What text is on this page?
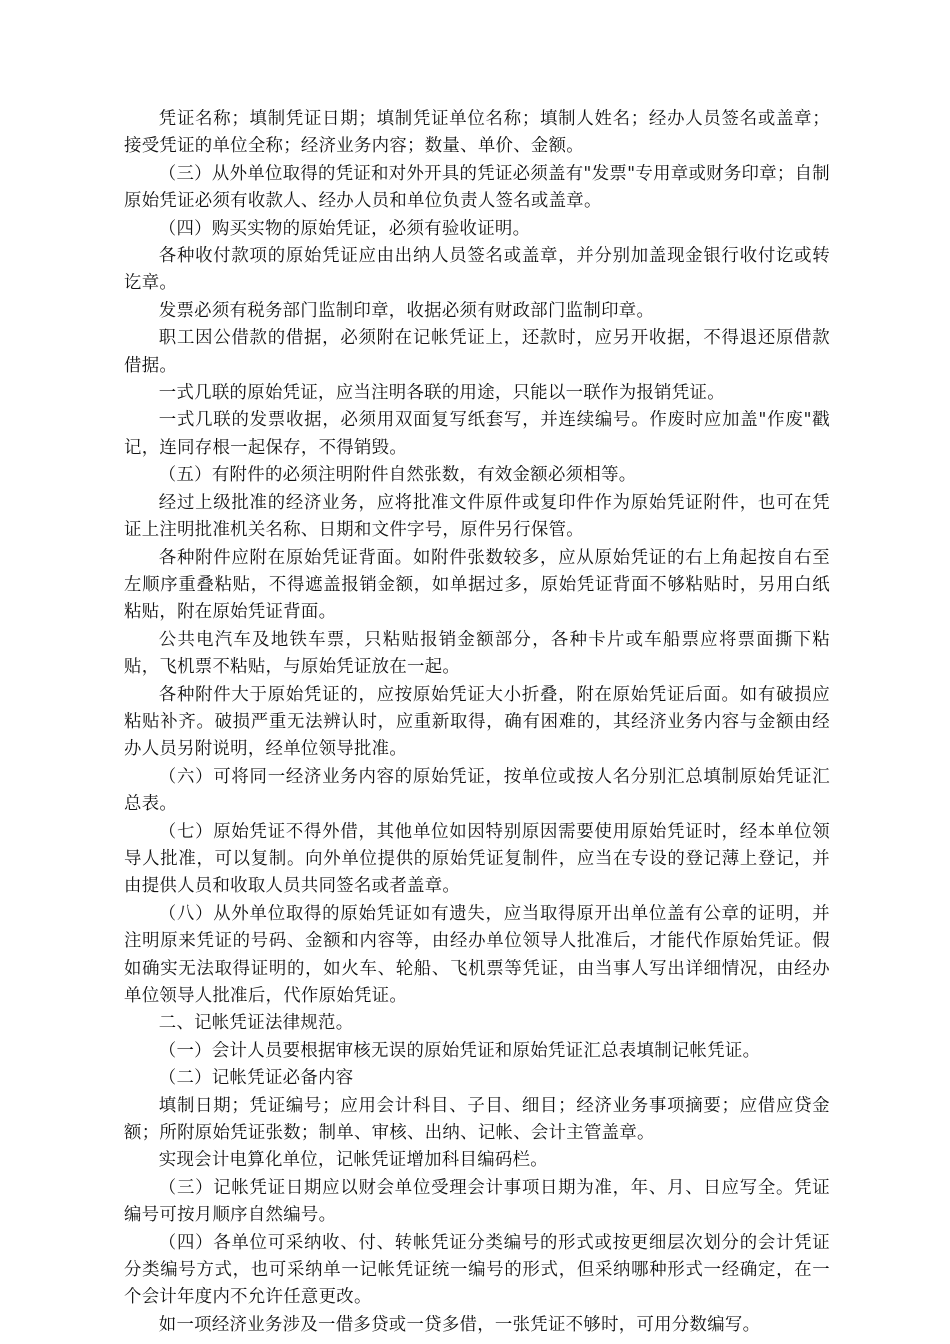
凭证名称；填制凭证日期；填制凭证单位名称；填制人姓名；经办人员签名或盖章；接受凭证的单位全称；经济业务内容；数量、单价、金额。

（三）从外单位取得的凭证和对外开具的凭证必须盖有"发票"专用章或财务印章；自制原始凭证必须有收款人、经办人员和单位负责人签名或盖章。

（四）购买实物的原始凭证，必须有验收证明。

各种收付款项的原始凭证应由出纳人员签名或盖章，并分别加盖现金银行收付讫或转讫章。

发票必须有税务部门监制印章，收据必须有财政部门监制印章。

职工因公借款的借据，必须附在记帐凭证上，还款时，应另开收据，不得退还原借款借据。

一式几联的原始凭证，应当注明各联的用途，只能以一联作为报销凭证。

一式几联的发票收据，必须用双面复写纸套写，并连续编号。作废时应加盖"作废"戳记，连同存根一起保存，不得销毁。

（五）有附件的必须注明附件自然张数，有效金额必须相等。

经过上级批准的经济业务，应将批准文件原件或复印件作为原始凭证附件，也可在凭证上注明批准机关名称、日期和文件字号，原件另行保管。

各种附件应附在原始凭证背面。如附件张数较多，应从原始凭证的右上角起按自右至左顺序重叠粘贴，不得遮盖报销金额，如单据过多，原始凭证背面不够粘贴时，另用白纸粘贴，附在原始凭证背面。

公共电汽车及地铁车票，只粘贴报销金额部分，各种卡片或车船票应将票面撕下粘贴，飞机票不粘贴，与原始凭证放在一起。

各种附件大于原始凭证的，应按原始凭证大小折叠，附在原始凭证后面。如有破损应粘贴补齐。破损严重无法辨认时，应重新取得，确有困难的，其经济业务内容与金额由经办人员另附说明，经单位领导批准。

（六）可将同一经济业务内容的原始凭证，按单位或按人名分别汇总填制原始凭证汇总表。

（七）原始凭证不得外借，其他单位如因特别原因需要使用原始凭证时，经本单位领导人批准，可以复制。向外单位提供的原始凭证复制件，应当在专设的登记薄上登记，并由提供人员和收取人员共同签名或者盖章。

（八）从外单位取得的原始凭证如有遗失，应当取得原开出单位盖有公章的证明，并注明原来凭证的号码、金额和内容等，由经办单位领导人批准后，才能代作原始凭证。假如确实无法取得证明的，如火车、轮船、飞机票等凭证，由当事人写出详细情况，由经办单位领导人批准后，代作原始凭证。

二、记帐凭证法律规范。

（一）会计人员要根据审核无误的原始凭证和原始凭证汇总表填制记帐凭证。

（二）记帐凭证必备内容

填制日期；凭证编号；应用会计科目、子目、细目；经济业务事项摘要；应借应贷金额；所附原始凭证张数；制单、审核、出纳、记帐、会计主管盖章。

实现会计电算化单位，记帐凭证增加科目编码栏。

（三）记帐凭证日期应以财会单位受理会计事项日期为准，年、月、日应写全。凭证编号可按月顺序自然编号。

（四）各单位可采纳收、付、转帐凭证分类编号的形式或按更细层次划分的会计凭证分类编号方式，也可采纳单一记帐凭证统一编号的形式，但采纳哪种形式一经确定，在一个会计年度内不允许任意更改。

如一项经济业务涉及一借多贷或一贷多借，一张凭证不够时，可用分数编写。
